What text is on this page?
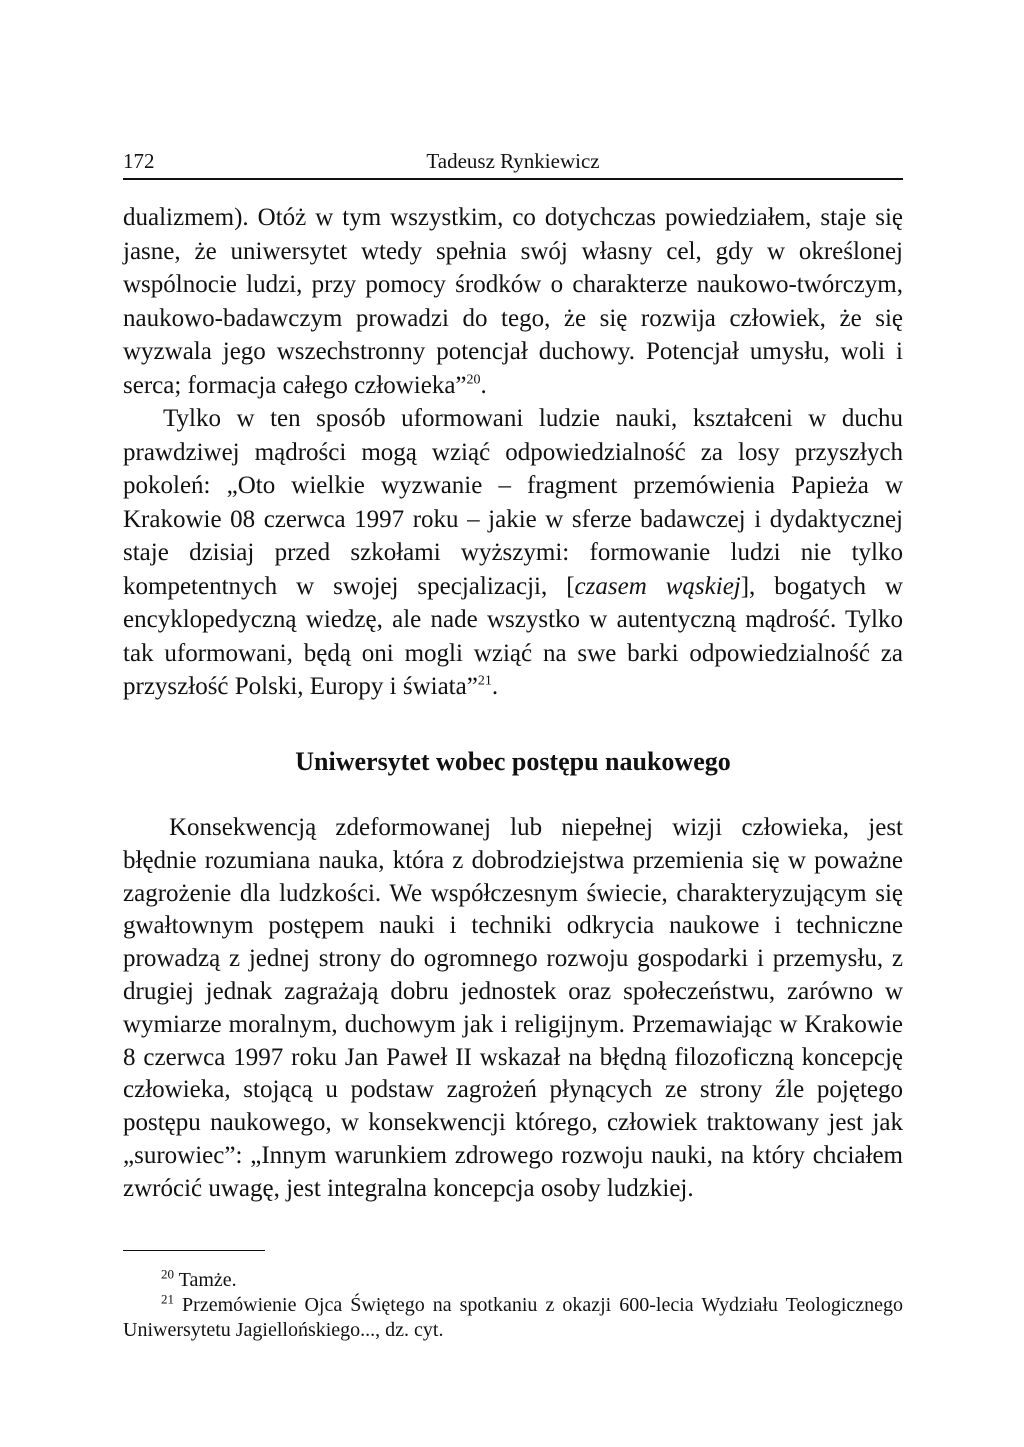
172	Tadeusz Rynkiewicz

dualizmem). Otóż w tym wszystkim, co dotychczas powiedziałem, staje się jasne, że uniwersytet wtedy spełnia swój własny cel, gdy w określonej wspólnocie ludzi, przy pomocy środków o charakterze naukowo-twórczym, naukowo-badawczym prowadzi do tego, że się rozwija człowiek, że się wyzwala jego wszechstronny potencjał duchowy. Potencjał umysłu, woli i serca; formacja całego człowieka”$^{20}$.

Tylko w ten sposób uformowani ludzie nauki, kształceni w duchu prawdziwej mądrości mogą wziąć odpowiedzialność za losy przyszłych pokoleń: „Oto wielkie wyzwanie – fragment przemówienia Papieża w Krakowie 08 czerwca 1997 roku – jakie w sferze badawczej i dydaktycznej staje dzisiaj przed szkołami wyższymi: formowanie ludzi nie tylko kompetentnych w swojej specjalizacji, [czasem wąskiej], bogatych w encyklopedyczną wiedzę, ale nade wszystko w autentyczną mądrość. Tylko tak uformowani, będą oni mogli wziąć na swe barki odpowiedzialność za przyszłość Polski, Europy i świata”$^{21}$.

Uniwersytet wobec postępu naukowego

Konsekwencją zdeformowanej lub niepełnej wizji człowieka, jest błędnie rozumiana nauka, która z dobrodziejstwa przemienia się w poważne zagrożenie dla ludzkości. We współczesnym świecie, charakteryzującym się gwałtownym postępem nauki i techniki odkrycia naukowe i techniczne prowadzą z jednej strony do ogromnego rozwoju gospodarki i przemysłu, z drugiej jednak zagrażają dobru jednostek oraz społeczeństwu, zarówno w wymiarze moralnym, duchowym jak i religijnym. Przemawiając w Krakowie 8 czerwca 1997 roku Jan Paweł II wskazał na błędną filozoficzną koncepcję człowieka, stojącą u podstaw zagrożeń płynących ze strony źle pojętego postępu naukowego, w konsekwencji którego, człowiek traktowany jest jak „surowiec”: „Innym warunkiem zdrowego rozwoju nauki, na który chciałem zwrócić uwagę, jest integralna koncepcja osoby ludzkiej.

$^{20}$ Tamże.

$^{21}$ Przemówienie Ojca Świętego na spotkaniu z okazji 600-lecia Wydziału Teologicznego Uniwersytetu Jagiellońskiego..., dz. cyt.
